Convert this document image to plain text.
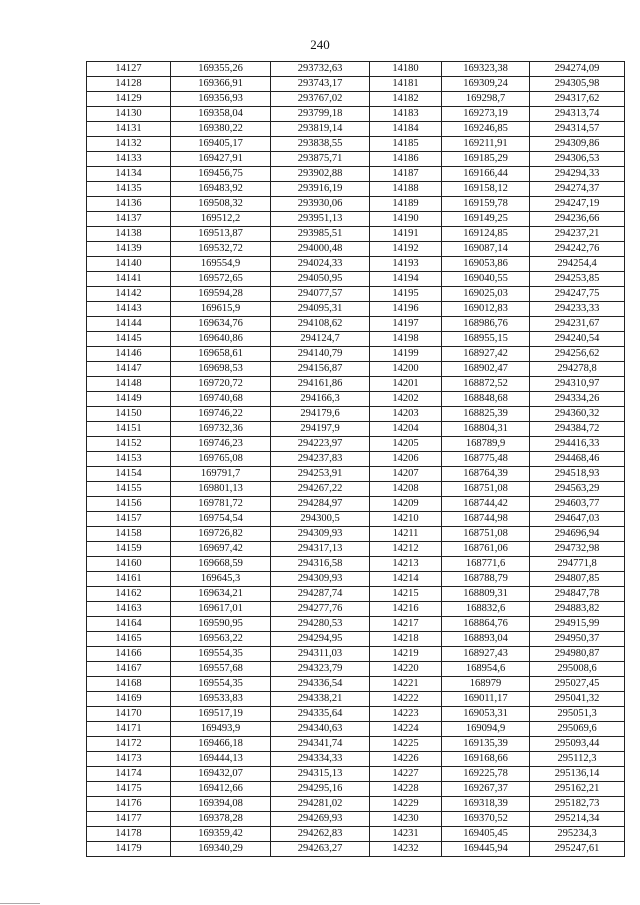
240
14127	169355,26	293732,63	14180	169323,38	294274,09
14128	169366,91	293743,17	14181	169309,24	294305,98
14129	169356,93	293767,02	14182	169298,7	294317,62
14130	169358,04	293799,18	14183	169273,19	294313,74
14131	169380,22	293819,14	14184	169246,85	294314,57
14132	169405,17	293838,55	14185	169211,91	294309,86
14133	169427,91	293875,71	14186	169185,29	294306,53
14134	169456,75	293902,88	14187	169166,44	294294,33
14135	169483,92	293916,19	14188	169158,12	294274,37
14136	169508,32	293930,06	14189	169159,78	294247,19
14137	169512,2	293951,13	14190	169149,25	294236,66
14138	169513,87	293985,51	14191	169124,85	294237,21
14139	169532,72	294000,48	14192	169087,14	294242,76
14140	169554,9	294024,33	14193	169053,86	294254,4
14141	169572,65	294050,95	14194	169040,55	294253,85
14142	169594,28	294077,57	14195	169025,03	294247,75
14143	169615,9	294095,31	14196	169012,83	294233,33
14144	169634,76	294108,62	14197	168986,76	294231,67
14145	169640,86	294124,7	14198	168955,15	294240,54
14146	169658,61	294140,79	14199	168927,42	294256,62
14147	169698,53	294156,87	14200	168902,47	294278,8
14148	169720,72	294161,86	14201	168872,52	294310,97
14149	169740,68	294166,3	14202	168848,68	294334,26
14150	169746,22	294179,6	14203	168825,39	294360,32
14151	169732,36	294197,9	14204	168804,31	294384,72
14152	169746,23	294223,97	14205	168789,9	294416,33
14153	169765,08	294237,83	14206	168775,48	294468,46
14154	169791,7	294253,91	14207	168764,39	294518,93
14155	169801,13	294267,22	14208	168751,08	294563,29
14156	169781,72	294284,97	14209	168744,42	294603,77
14157	169754,54	294300,5	14210	168744,98	294647,03
14158	169726,82	294309,93	14211	168751,08	294696,94
14159	169697,42	294317,13	14212	168761,06	294732,98
14160	169668,59	294316,58	14213	168771,6	294771,8
14161	169645,3	294309,93	14214	168788,79	294807,85
14162	169634,21	294287,74	14215	168809,31	294847,78
14163	169617,01	294277,76	14216	168832,6	294883,82
14164	169590,95	294280,53	14217	168864,76	294915,99
14165	169563,22	294294,95	14218	168893,04	294950,37
14166	169554,35	294311,03	14219	168927,43	294980,87
14167	169557,68	294323,79	14220	168954,6	295008,6
14168	169554,35	294336,54	14221	168979	295027,45
14169	169533,83	294338,21	14222	169011,17	295041,32
14170	169517,19	294335,64	14223	169053,31	295051,3
14171	169493,9	294340,63	14224	169094,9	295069,6
14172	169466,18	294341,74	14225	169135,39	295093,44
14173	169444,13	294334,33	14226	169168,66	295112,3
14174	169432,07	294315,13	14227	169225,78	295136,14
14175	169412,66	294295,16	14228	169267,37	295162,21
14176	169394,08	294281,02	14229	169318,39	295182,73
14177	169378,28	294269,93	14230	169370,52	295214,34
14178	169359,42	294262,83	14231	169405,45	295234,3
14179	169340,29	294263,27	14232	169445,94	295247,61
